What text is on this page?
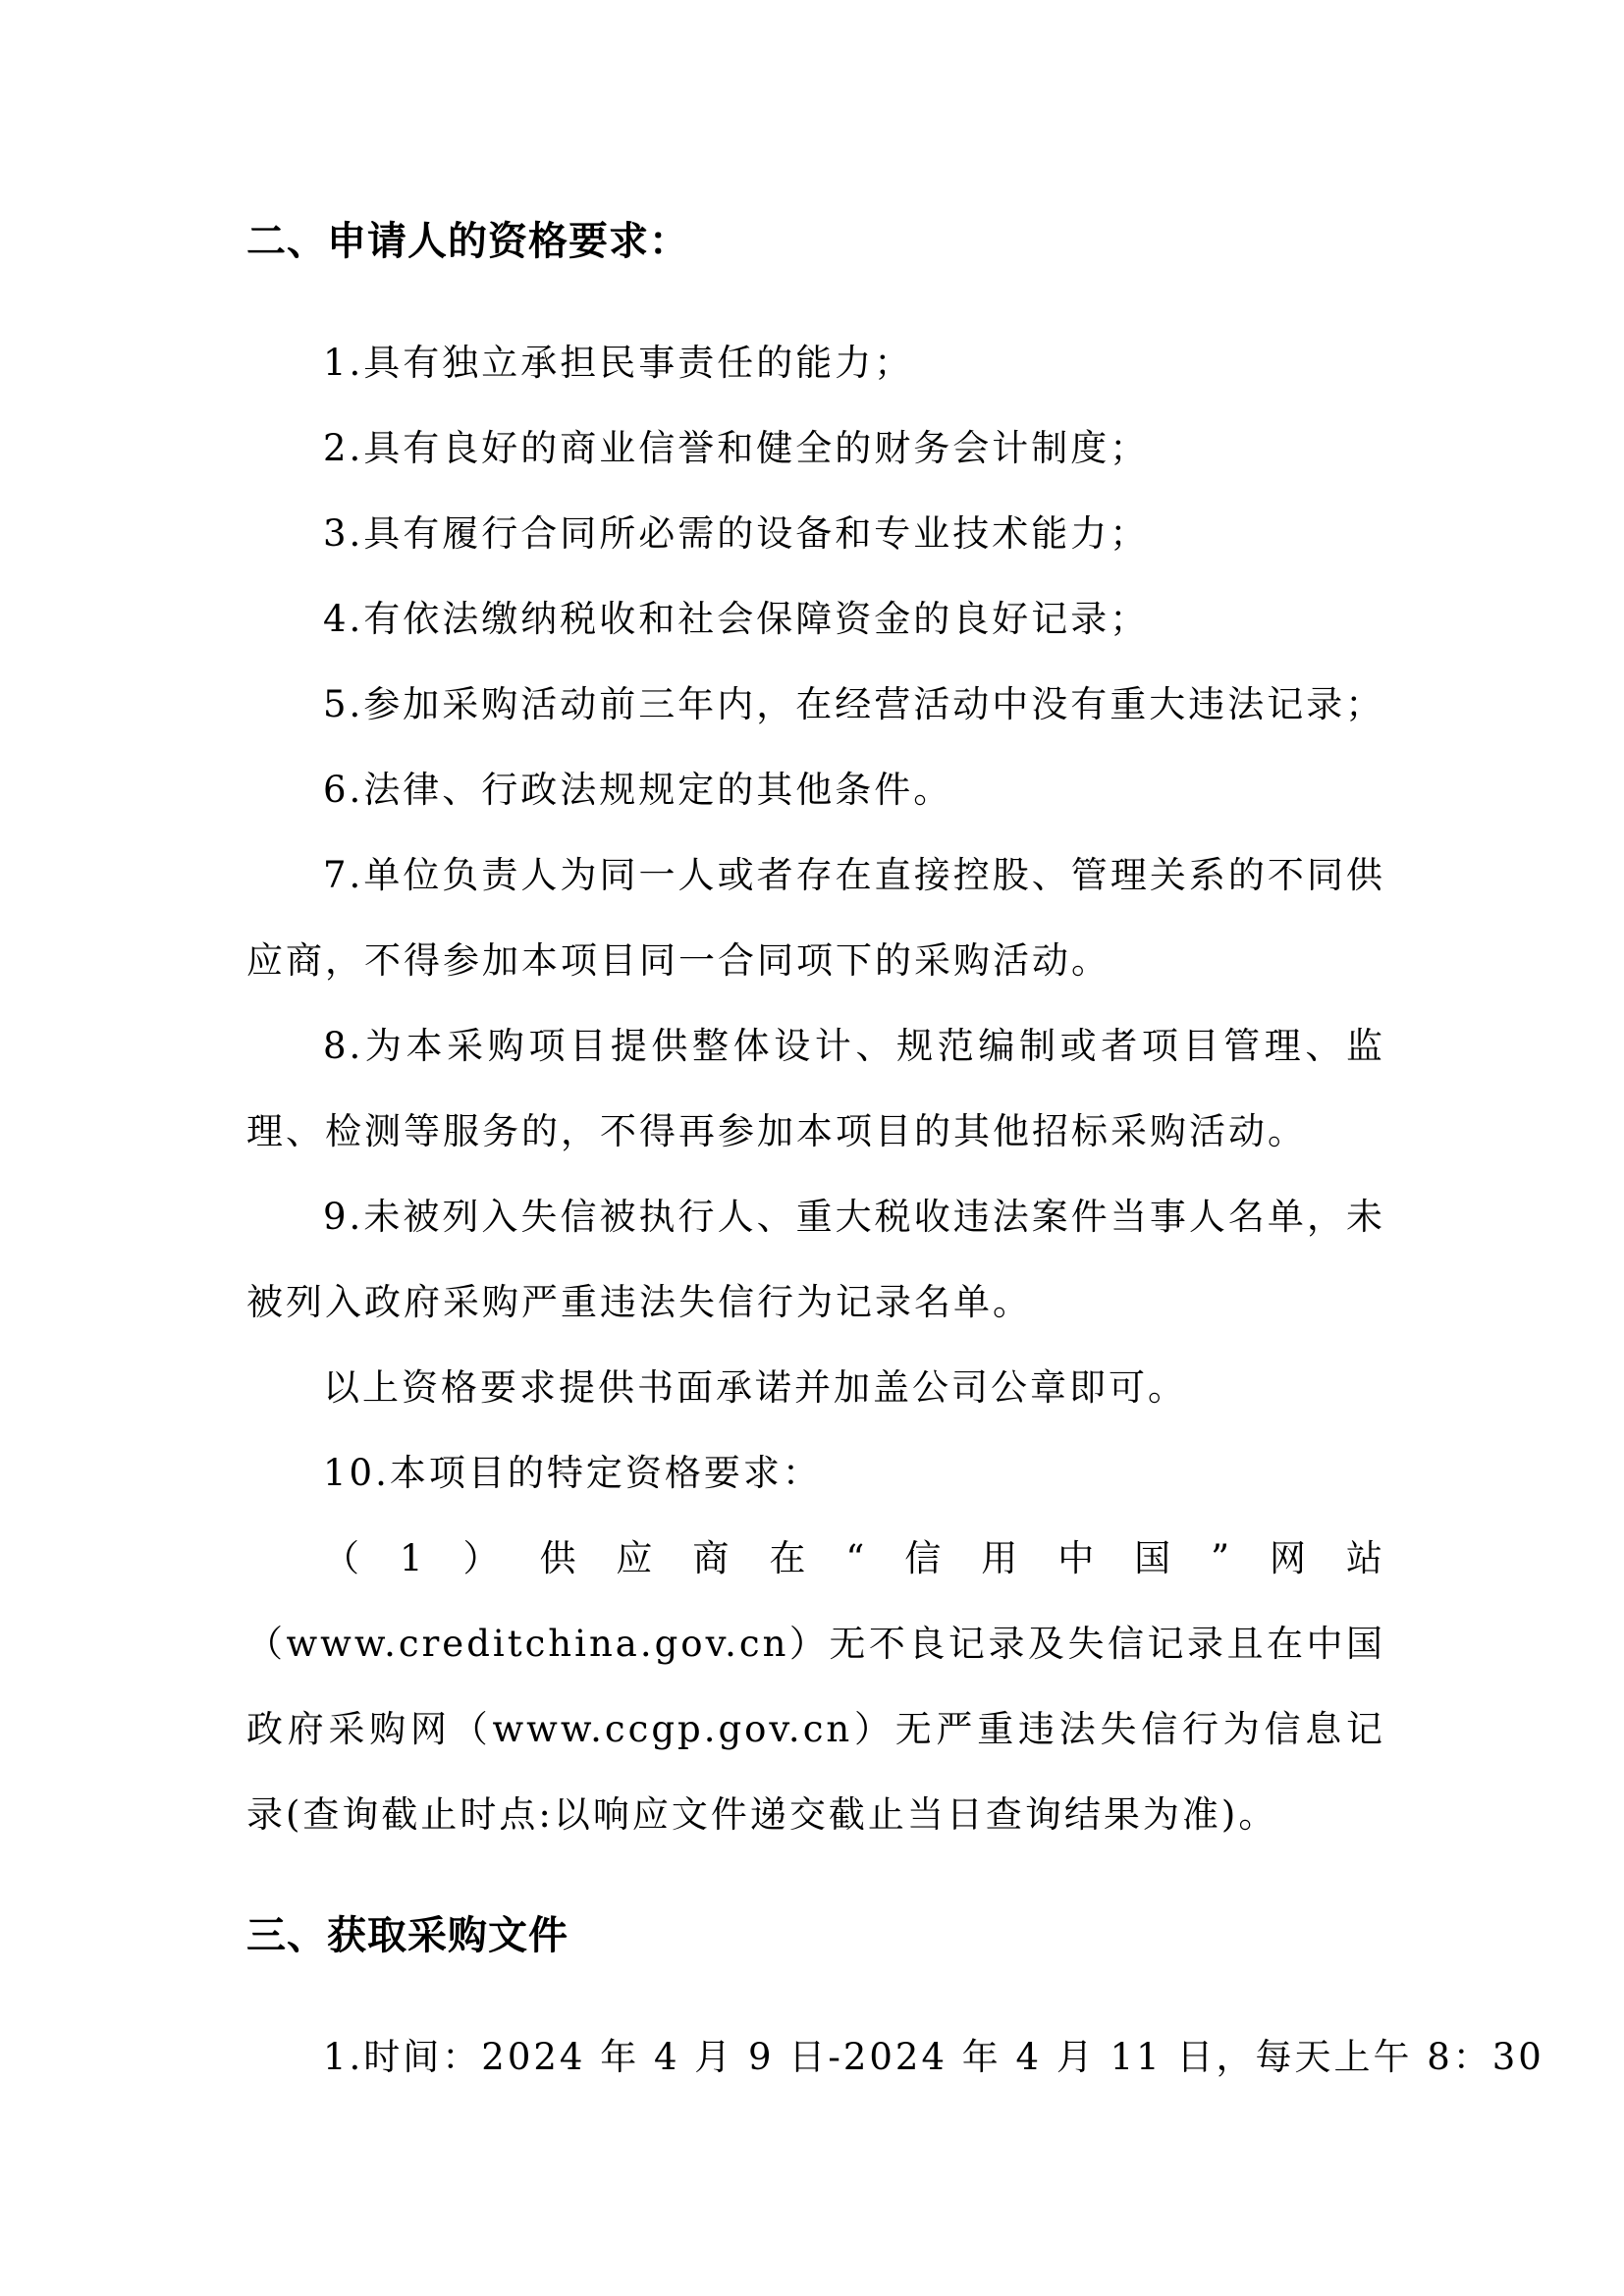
二、申请人的资格要求：

1.具有独立承担民事责任的能力；

2.具有良好的商业信誉和健全的财务会计制度；

3.具有履行合同所必需的设备和专业技术能力；

4.有依法缴纳税收和社会保障资金的良好记录；

5.参加采购活动前三年内，在经营活动中没有重大违法记录；

6.法律、行政法规规定的其他条件。

7.单位负责人为同一人或者存在直接控股、管理关系的不同供应商，不得参加本项目同一合同项下的采购活动。

8.为本采购项目提供整体设计、规范编制或者项目管理、监理、检测等服务的，不得再参加本项目的其他招标采购活动。

9.未被列入失信被执行人、重大税收违法案件当事人名单，未被列入政府采购严重违法失信行为记录名单。

以上资格要求提供书面承诺并加盖公司公章即可。

10.本项目的特定资格要求：

（1）供应商在“信用中国”网站（www.creditchina.gov.cn）无不良记录及失信记录且在中国政府采购网（www.ccgp.gov.cn）无严重违法失信行为信息记录(查询截止时点:以响应文件递交截止当日查询结果为准)。

三、获取采购文件

1.时间：2024 年 4 月 9 日-2024 年 4 月 11 日，每天上午 8：30
